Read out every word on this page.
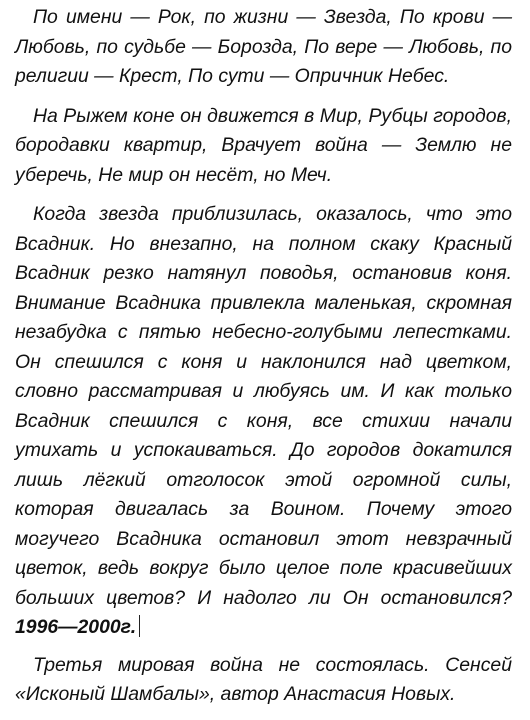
По имени — Рок, по жизни — Звезда, По крови — Любовь, по судьбе — Борозда, По вере — Любовь, по религии — Крест, По сути — Опричник Небес.

На Рыжем коне он движется в Мир, Рубцы городов, бородавки квартир, Врачует война — Землю не уберечь, Не мир он несёт, но Меч.

Когда звезда приблизилась, оказалось, что это Всадник. Но внезапно, на полном скаку Красный Всадник резко натянул поводья, остановив коня. Внимание Всадника привлекла маленькая, скромная незабудка с пятью небесно-голубыми лепестками. Он спешился с коня и наклонился над цветком, словно рассматривая и любуясь им. И как только Всадник спешился с коня, все стихии начали утихать и успокаиваться. До городов докатился лишь лёгкий отголосок этой огромной силы, которая двигалась за Воином. Почему этого могучего Всадника остановил этот невзрачный цветок, ведь вокруг было целое поле красивейших больших цветов? И надолго ли Он остановился? 1996—2000г.

Третья мировая война не состоялась. Сенсей «Исконый Шамбалы», автор Анастасия Новых.
